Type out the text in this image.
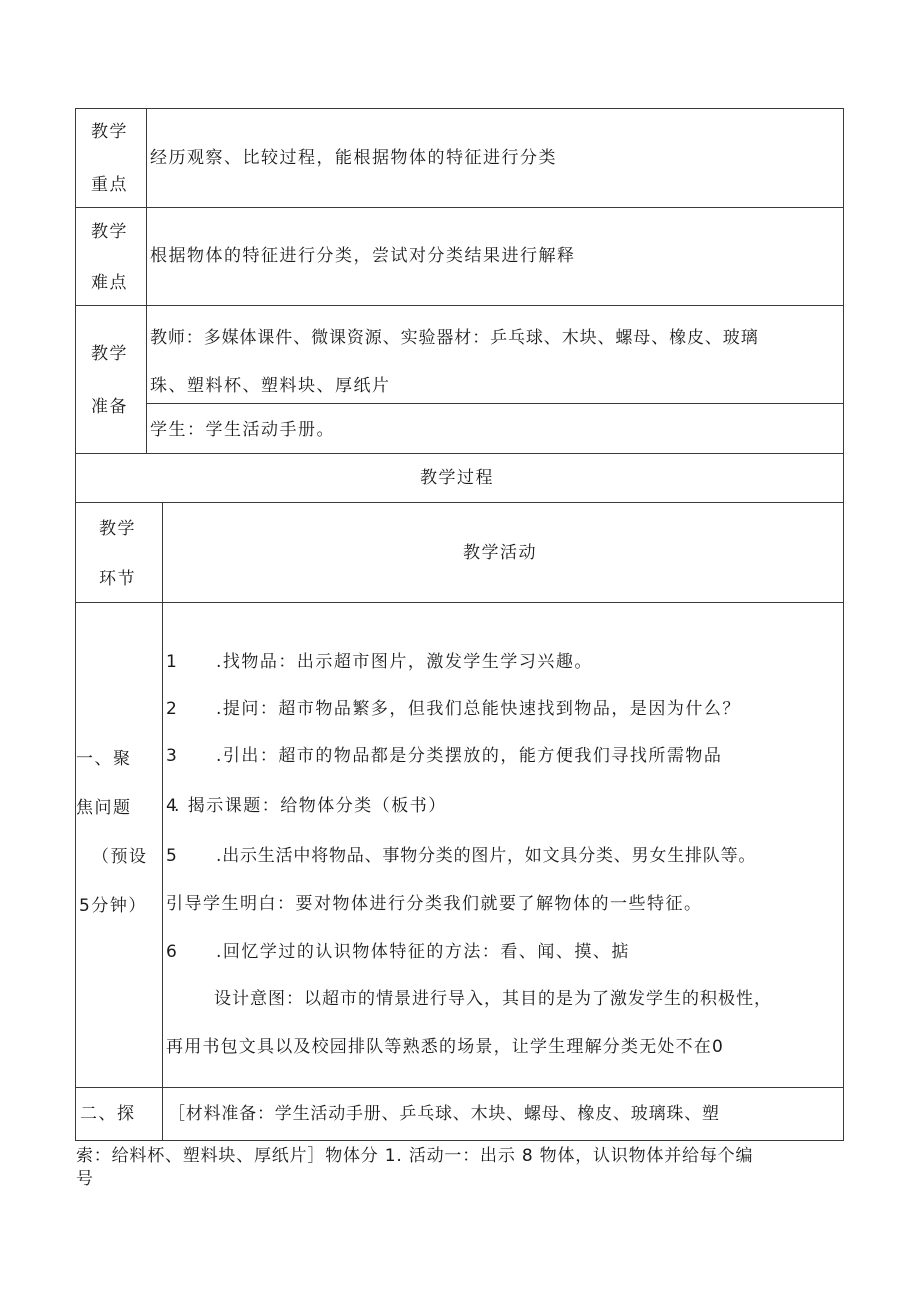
教学
重点
经历观察、比较过程，能根据物体的特征进行分类
教学
难点
根据物体的特征进行分类，尝试对分类结果进行解释
教学
准备
教师：多媒体课件、微课资源、实验器材：乒乓球、木块、螺母、橡皮、玻璃
珠、塑料杯、塑料块、厚纸片
学生：学生活动手册。
教学过程
教学
环节
教学活动
一、聚
焦问题
（预设
5分钟）
1 .找物品：出示超市图片，激发学生学习兴趣。
2 .提问：超市物品繁多，但我们总能快速找到物品，是因为什么？
3 .引出：超市的物品都是分类摆放的，能方便我们寻找所需物品
4
. 揭示课题：给物体分类（板书）
5 .出示生活中将物品、事物分类的图片，如文具分类、男女生排队等。
引导学生明白：要对物体进行分类我们就要了解物体的一些特征。
6 .回忆学过的认识物体特征的方法：看、闻、摸、掂
设计意图：以超市的情景进行导入，其目的是为了激发学生的积极性，
再用书包文具以及校园排队等熟悉的场景，让学生理解分类无处不在0
二、探 ［材料准备：学生活动手册、乒乓球、木块、螺母、橡皮、玻璃珠、塑
索：给料杯、塑料块、厚纸片］物体分 1. 活动一：出示 8 物体，认识物体并给每个编
号
